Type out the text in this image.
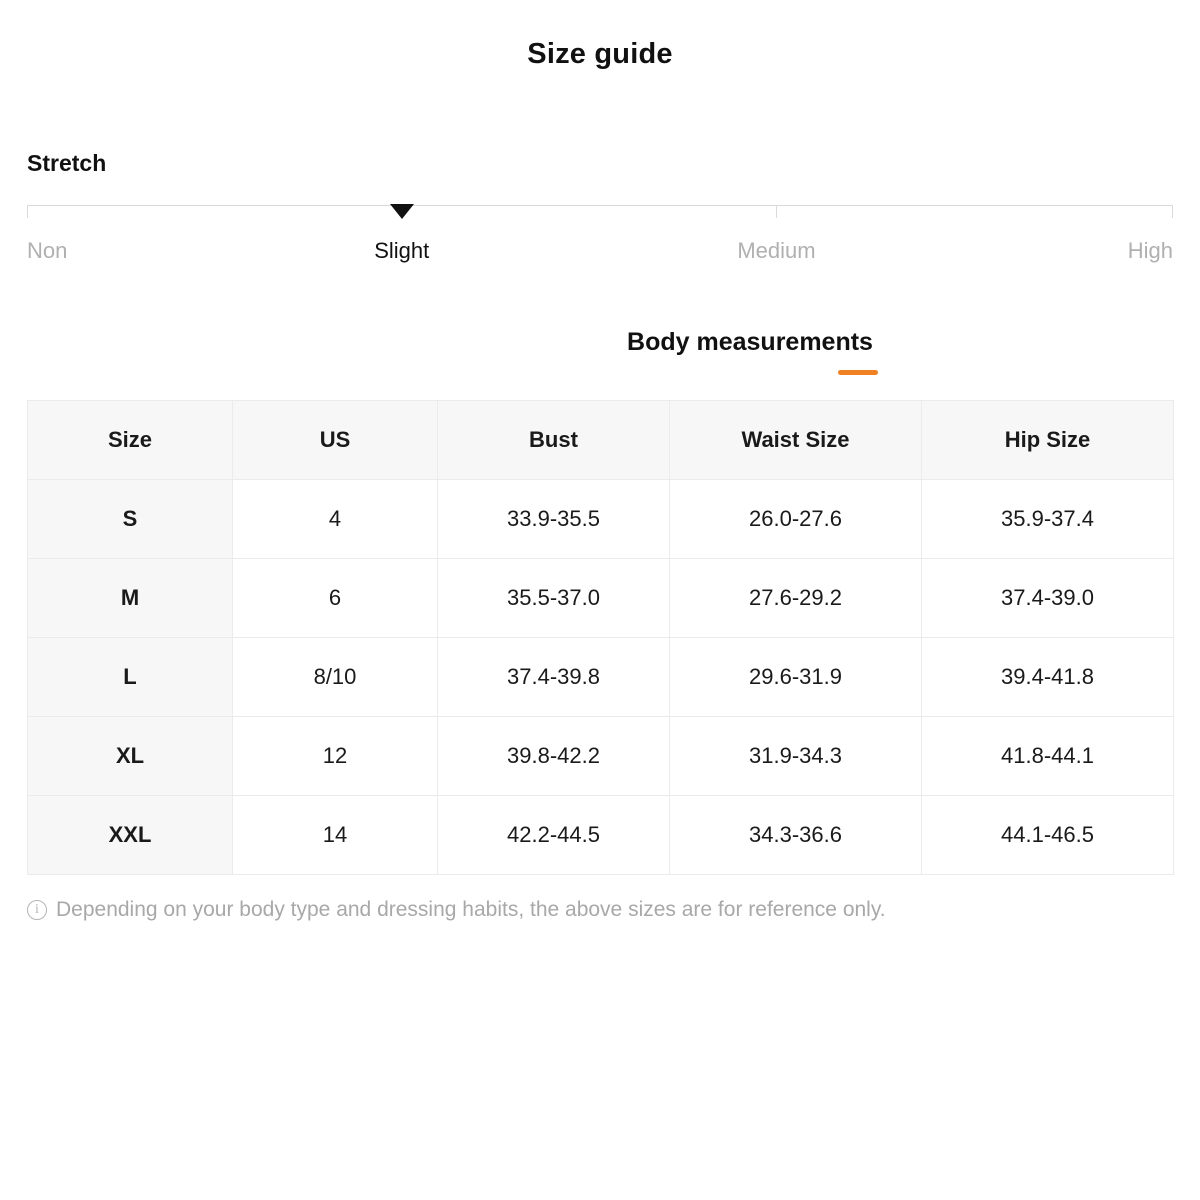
Size guide
Stretch
Non	Slight	Medium	High
Body measurements
Size	US	Bust	Waist Size	Hip Size
S	4	33.9-35.5	26.0-27.6	35.9-37.4
M	6	35.5-37.0	27.6-29.2	37.4-39.0
L	8/10	37.4-39.8	29.6-31.9	39.4-41.8
XL	12	39.8-42.2	31.9-34.3	41.8-44.1
XXL	14	42.2-44.5	34.3-36.6	44.1-46.5
i Depending on your body type and dressing habits, the above sizes are for reference only.
